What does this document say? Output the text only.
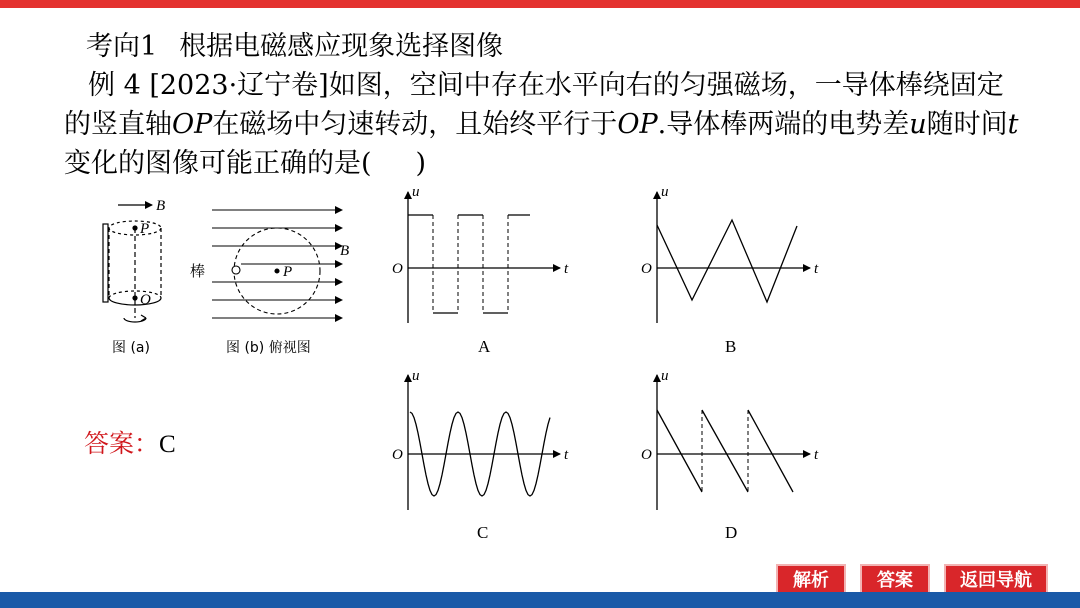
考向1 根据电磁感应现象选择图像
例 4 [2023·辽宁卷]如图，空间中存在水平向右的匀强磁场，一导体棒绕固定的竖直轴OP在磁场中匀速转动，且始终平行于OP.导体棒两端的电势差u随时间t变化的图像可能正确的是( )
B
P
O
图 (a)
B
P
棒
图 (b) 俯视图
u
t
O
A
u
t
O
B
u
t
O
C
u
t
O
D
答案：C
解析	答案	返回导航
